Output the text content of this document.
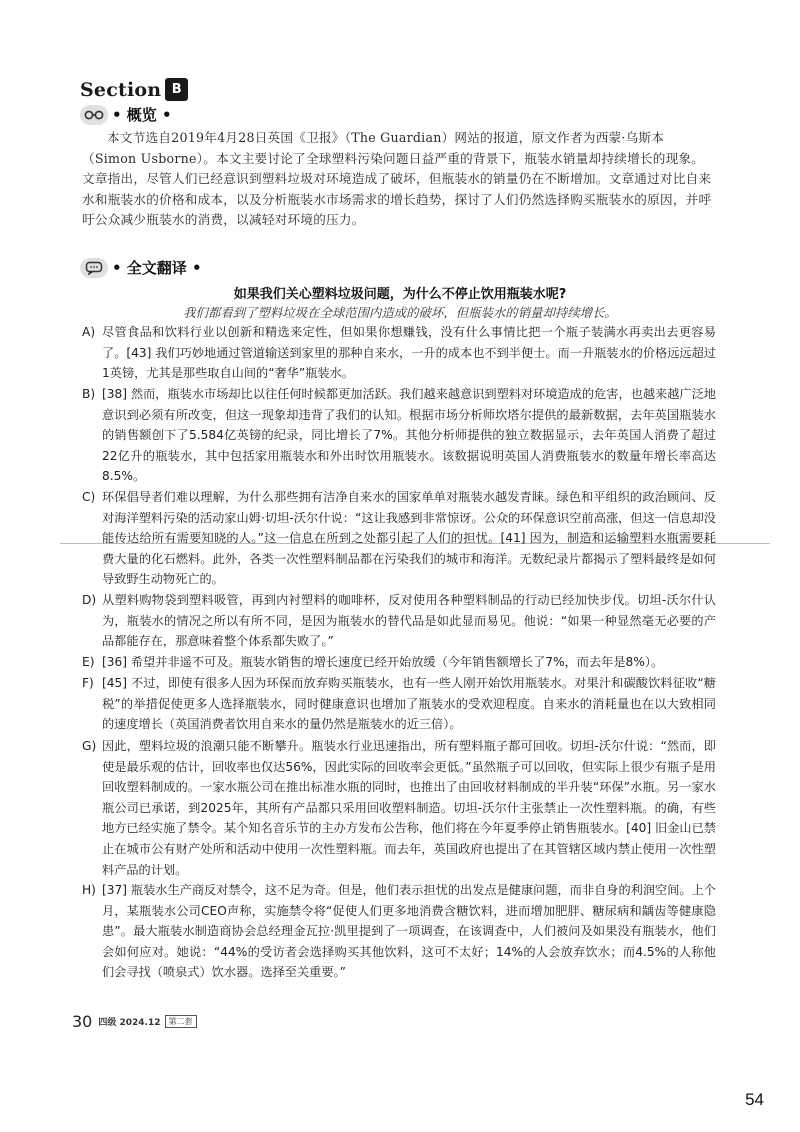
Section B
• 概览 •
本文节选自2019年4月28日英国《卫报》（The Guardian）网站的报道，原文作者为西蒙·乌斯本（Simon Usborne）。本文主要讨论了全球塑料污染问题日益严重的背景下，瓶装水销量却持续增长的现象。文章指出，尽管人们已经意识到塑料垃圾对环境造成了破坏，但瓶装水的销量仍在不断增加。文章通过对比自来水和瓶装水的价格和成本，以及分析瓶装水市场需求的增长趋势，探讨了人们仍然选择购买瓶装水的原因，并呼吁公众减少瓶装水的消费，以减轻对环境的压力。
• 全文翻译 •
如果我们关心塑料垃圾问题，为什么不停止饮用瓶装水呢?
我们都看到了塑料垃圾在全球范围内造成的破坏，但瓶装水的销量却持续增长。
A) 尽管食品和饮料行业以创新和精选来定性，但如果你想赚钱，没有什么事情比把一个瓶子装满水再卖出去更容易了。[43] 我们巧妙地通过管道输送到家里的那种自来水，一升的成本也不到半便士。而一升瓶装水的价格远远超过1英镑，尤其是那些取自山间的“奢华”瓶装水。
B) [38] 然而，瓶装水市场却比以往任何时候都更加活跃。我们越来越意识到塑料对环境造成的危害，也越来越广泛地意识到必须有所改变，但这一现象却违背了我们的认知。根据市场分析师坎塔尔提供的最新数据，去年英国瓶装水的销售额创下了5.584亿英镑的纪录，同比增长了7%。其他分析师提供的独立数据显示，去年英国人消费了超过22亿升的瓶装水，其中包括家用瓶装水和外出时饮用瓶装水。该数据说明英国人消费瓶装水的数量年增长率高达8.5%。
C) 环保倡导者们难以理解，为什么那些拥有洁净自来水的国家单单对瓶装水越发青睐。绿色和平组织的政治顾问、反对海洋塑料污染的活动家山姆·切坦-沃尔什说：“这让我感到非常惊讶。公众的环保意识空前高涨，但这一信息却没能传达给所有需要知晓的人。”这一信息在所到之处都引起了人们的担忧。[41] 因为，制造和运输塑料水瓶需要耗费大量的化石燃料。此外，各类一次性塑料制品都在污染我们的城市和海洋。无数纪录片都揭示了塑料最终是如何导致野生动物死亡的。
D) 从塑料购物袋到塑料吸管，再到内衬塑料的咖啡杯，反对使用各种塑料制品的行动已经加快步伐。切坦-沃尔什认为，瓶装水的情况之所以有所不同，是因为瓶装水的替代品是如此显而易见。他说：“如果一种显然毫无必要的产品都能存在，那意味着整个体系都失败了。”
E) [36] 希望并非遥不可及。瓶装水销售的增长速度已经开始放缓（今年销售额增长了7%，而去年是8%）。
F) [45] 不过，即使有很多人因为环保而放弃购买瓶装水，也有一些人刚开始饮用瓶装水。对果汁和碳酸饮料征收“糖税”的举措促使更多人选择瓶装水，同时健康意识也增加了瓶装水的受欢迎程度。自来水的消耗量也在以大致相同的速度增长（英国消费者饮用自来水的量仍然是瓶装水的近三倍）。
G) 因此，塑料垃圾的浪潮只能不断攀升。瓶装水行业迅速指出，所有塑料瓶子都可回收。切坦-沃尔什说：“然而，即使是最乐观的估计，回收率也仅达56%，因此实际的回收率会更低。”虽然瓶子可以回收，但实际上很少有瓶子是用回收塑料制成的。一家水瓶公司在推出标准水瓶的同时，也推出了由回收材料制成的半升装“环保”水瓶。另一家水瓶公司已承诺，到2025年，其所有产品都只采用回收塑料制造。切坦-沃尔什主张禁止一次性塑料瓶。的确，有些地方已经实施了禁令。某个知名音乐节的主办方发布公告称，他们将在今年夏季停止销售瓶装水。[40] 旧金山已禁止在城市公有财产处所和活动中使用一次性塑料瓶。而去年，英国政府也提出了在其管辖区域内禁止使用一次性塑料产品的计划。
H) [37] 瓶装水生产商反对禁令，这不足为奇。但是，他们表示担忧的出发点是健康问题，而非自身的利润空间。上个月，某瓶装水公司CEO声称，实施禁令将“促使人们更多地消费含糖饮料，进而增加肥胖、糖尿病和龋齿等健康隐患”。最大瓶装水制造商协会总经理金瓦拉·凯里提到了一项调查，在该调查中，人们被问及如果没有瓶装水，他们会如何应对。她说：“44%的受访者会选择购买其他饮料，这可不太好；14%的人会放弃饮水；而4.5%的人称他们会寻找（喷泉式）饮水器。选择至关重要。”
30 四级 2024.12	第二套
54
